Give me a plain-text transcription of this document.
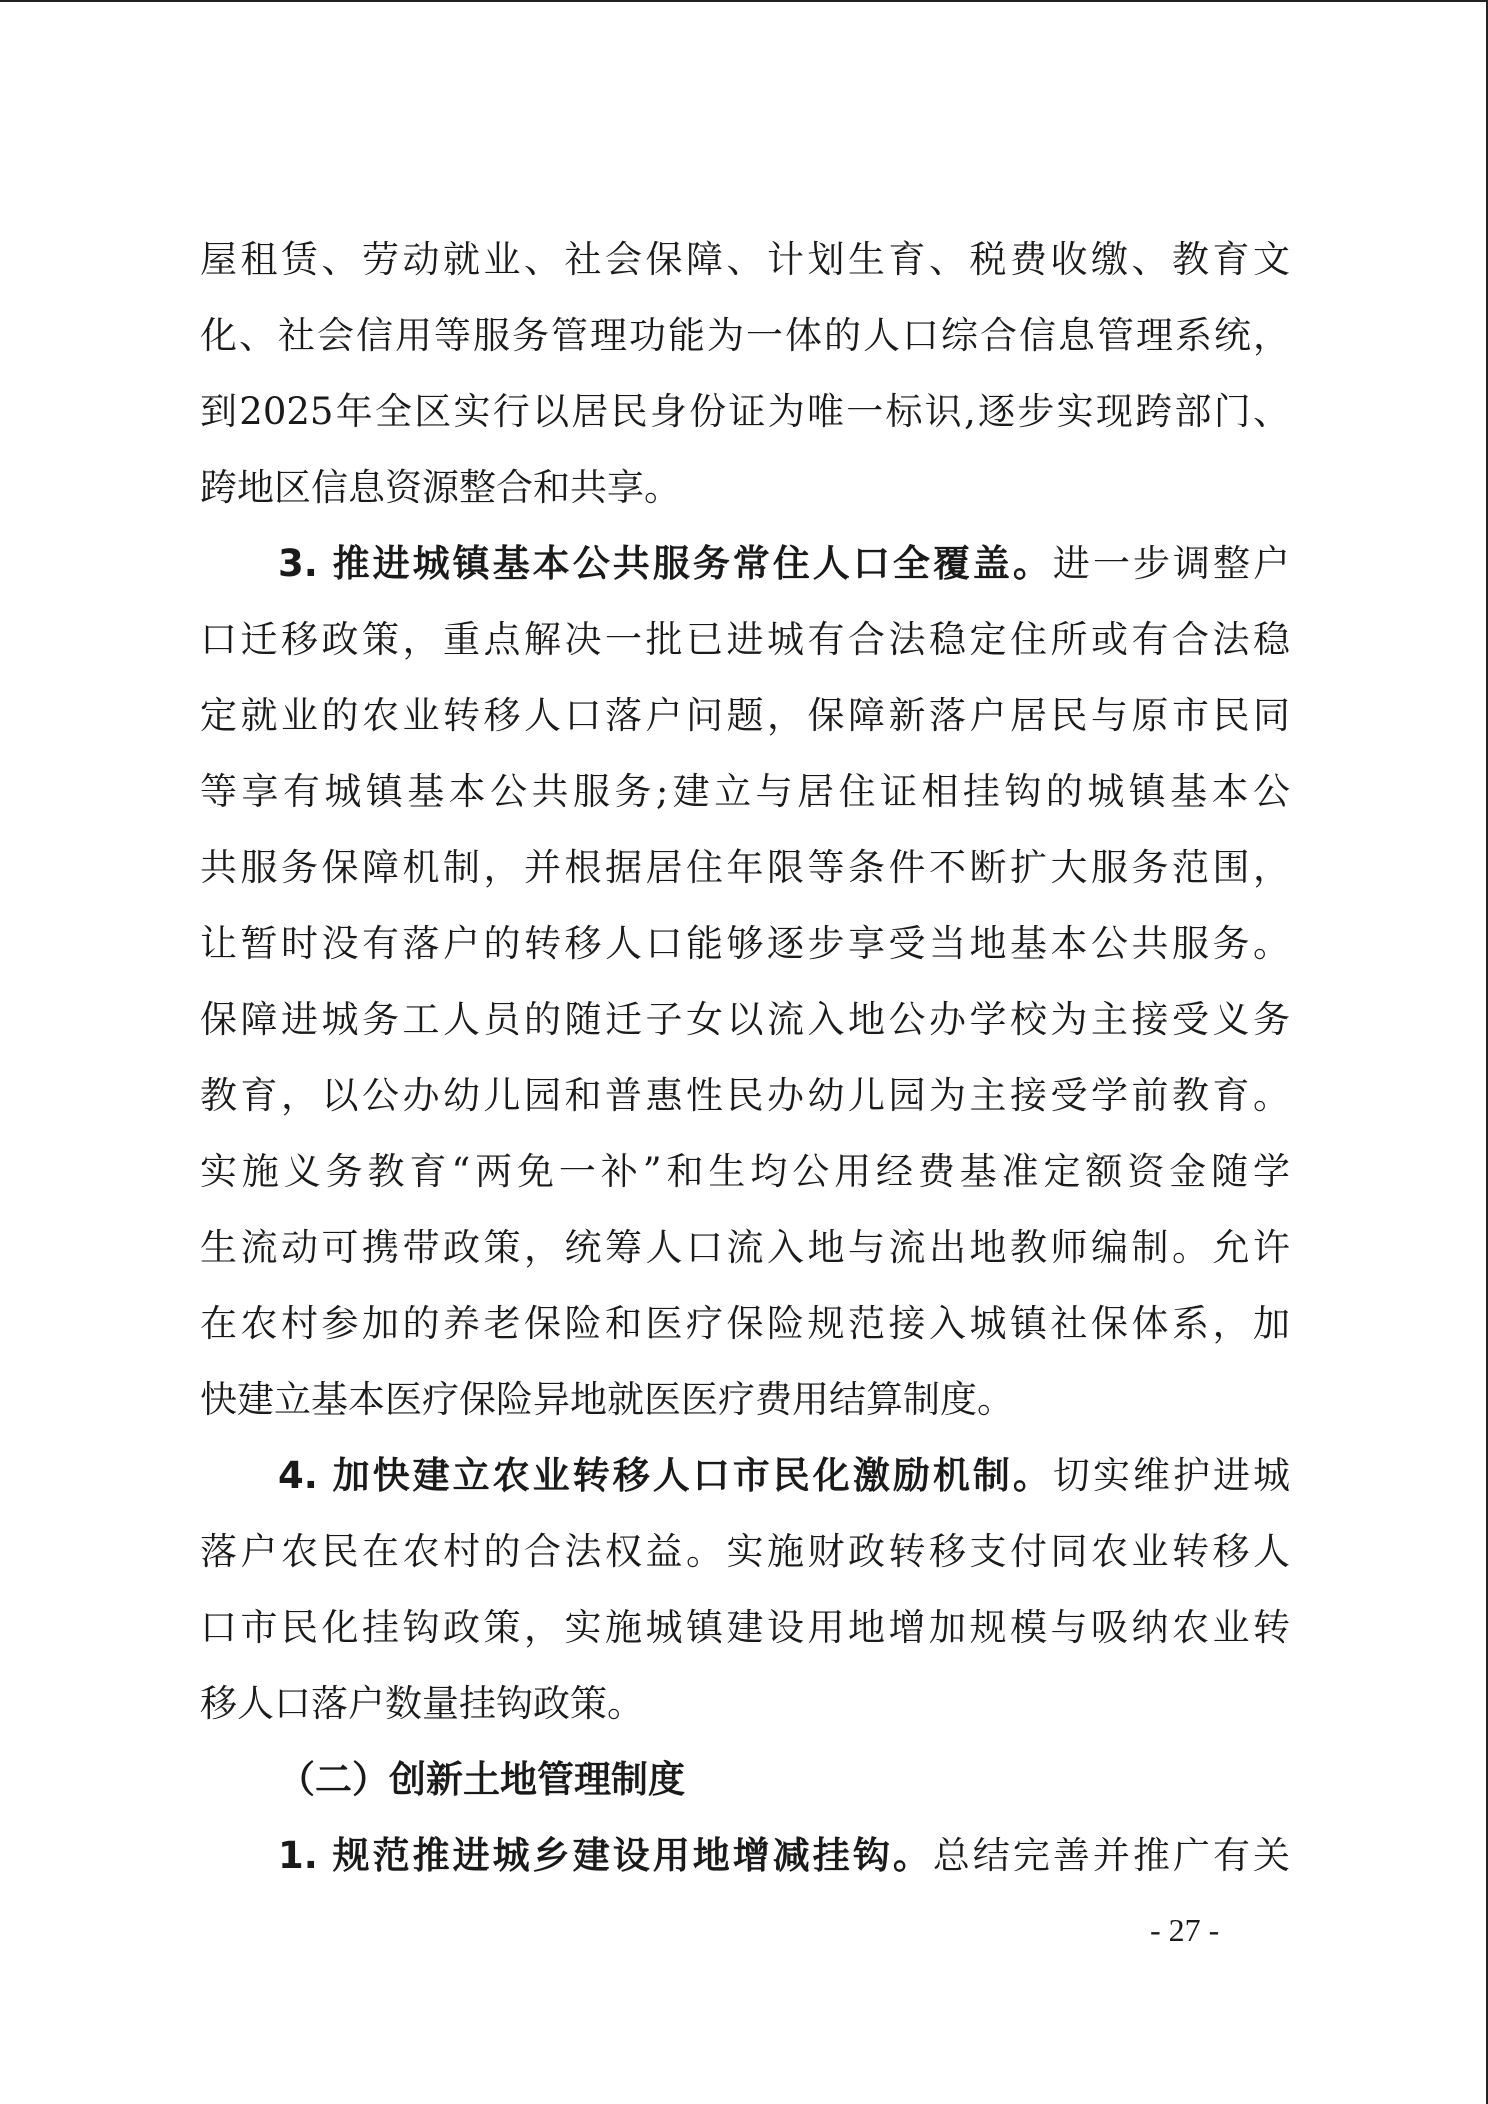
屋租赁、劳动就业、社会保障、计划生育、税费收缴、教育文
化、社会信用等服务管理功能为一体的人口综合信息管理系统，
到2025年全区实行以居民身份证为唯一标识,逐步实现跨部门、
跨地区信息资源整合和共享。
3. 推进城镇基本公共服务常住人口全覆盖。进一步调整户
口迁移政策，重点解决一批已进城有合法稳定住所或有合法稳
定就业的农业转移人口落户问题，保障新落户居民与原市民同
等享有城镇基本公共服务;建立与居住证相挂钩的城镇基本公
共服务保障机制，并根据居住年限等条件不断扩大服务范围，
让暂时没有落户的转移人口能够逐步享受当地基本公共服务。
保障进城务工人员的随迁子女以流入地公办学校为主接受义务
教育，以公办幼儿园和普惠性民办幼儿园为主接受学前教育。
实施义务教育“两免一补”和生均公用经费基准定额资金随学
生流动可携带政策，统筹人口流入地与流出地教师编制。允许
在农村参加的养老保险和医疗保险规范接入城镇社保体系，加
快建立基本医疗保险异地就医医疗费用结算制度。
4. 加快建立农业转移人口市民化激励机制。切实维护进城
落户农民在农村的合法权益。实施财政转移支付同农业转移人
口市民化挂钩政策，实施城镇建设用地增加规模与吸纳农业转
移人口落户数量挂钩政策。
（二）创新土地管理制度
1. 规范推进城乡建设用地增减挂钩。总结完善并推广有关
- 27 -
